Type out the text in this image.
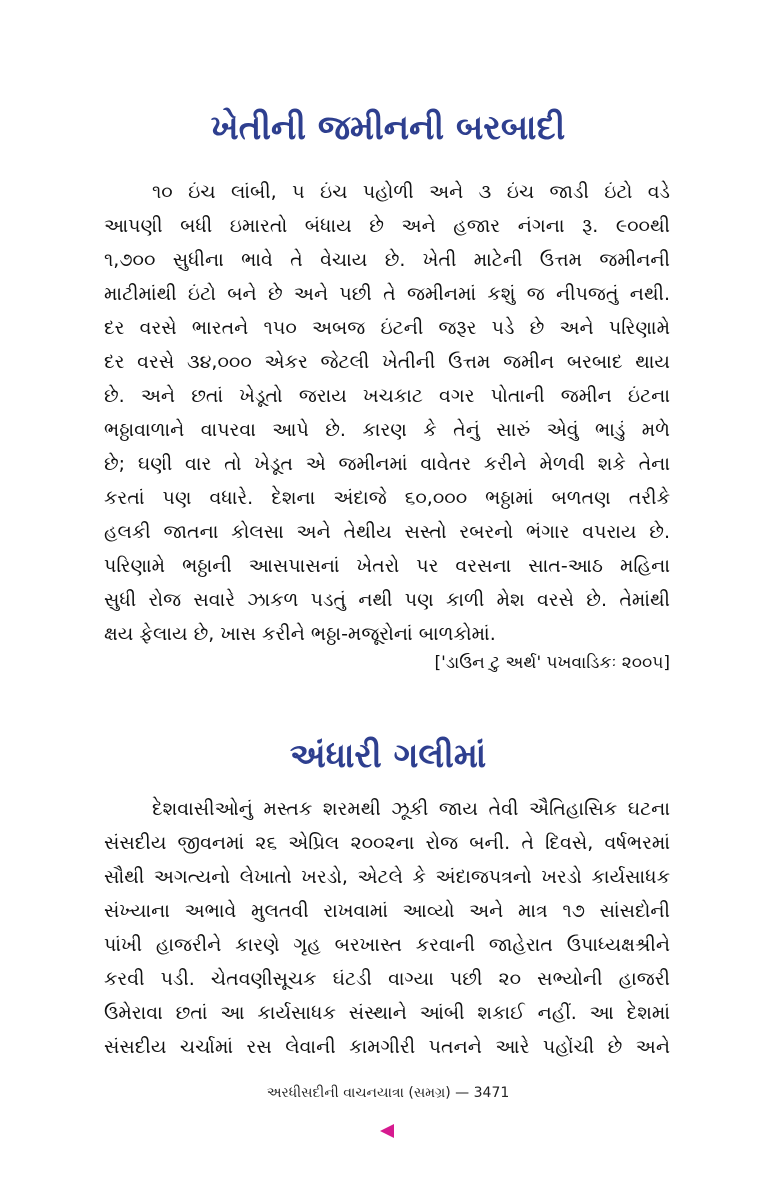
ખેતીની જમીનની બરબાદી
૧૦ ઇંચ લાંબી, ૫ ઇંચ પહોળી અને ૩ ઇંચ જાડી ઇંટો વડે
આપણી બધી ઇમારતો બંધાય છે અને હજાર નંગના રૂ. ૯૦૦થી
૧,૭૦૦ સુધીના ભાવે તે વેચાય છે. ખેતી માટેની ઉત્તમ જમીનની
માટીમાંથી ઇંટો બને છે અને પછી તે જમીનમાં કશું જ નીપજતું નથી.
દર વરસે ભારતને ૧૫૦ અબજ ઇંટની જરૂર પડે છે અને પરિણામે
દર વરસે ૩૪,૦૦૦ એકર જેટલી ખેતીની ઉત્તમ જમીન બરબાદ થાય
છે. અને છતાં ખેડૂતો જરાય ખચકાટ વગર પોતાની જમીન ઇંટના
ભઠ્ઠાવાળાને વાપરવા આપે છે. કારણ કે તેનું સારું એવું ભાડું મળે
છે; ઘણી વાર તો ખેડૂત એ જમીનમાં વાવેતર કરીને મેળવી શકે તેના
કરતાં પણ વધારે. દેશના અંદાજે ૬૦,૦૦૦ ભઠ્ઠામાં બળતણ તરીકે
હલકી જાતના કોલસા અને તેથીય સસ્તો રબરનો ભંગાર વપરાય છે.
પરિણામે ભઠ્ઠાની આસપાસનાં ખેતરો પર વરસના સાત-આઠ મહિના
સુધી રોજ સવારે ઝાકળ પડતું નથી પણ કાળી મેશ વરસે છે. તેમાંથી
ક્ષય ફેલાય છે, ખાસ કરીને ભઠ્ઠા-મજૂરોનાં બાળકોમાં.

['ડાઉન ટુ અર્થ' પખવાડિકઃ ૨૦૦૫]

અંધારી ગલીમાં
દેશવાસીઓનું મસ્તક શરમથી ઝૂકી જાય તેવી ઐતિહાસિક ઘટના
સંસદીય જીવનમાં ૨૬ એપ્રિલ ૨૦૦૨ના રોજ બની. તે દિવસે, વર્ષભરમાં
સૌથી અગત્યનો લેખાતો ખરડો, એટલે કે અંદાજપત્રનો ખરડો કાર્યસાધક
સંખ્યાના અભાવે મુલતવી રાખવામાં આવ્યો અને માત્ર ૧૭ સાંસદોની
પાંખી હાજરીને કારણે ગૃહ બરખાસ્ત કરવાની જાહેરાત ઉપાધ્યક્ષશ્રીને
કરવી પડી. ચેતવણીસૂચક ઘંટડી વાગ્યા પછી ૨૦ સભ્યોની હાજરી
ઉમેરાવા છતાં આ કાર્યસાધક સંસ્થાને આંબી શકાઈ નહીં. આ દેશમાં
સંસદીય ચર્ચામાં રસ લેવાની કામગીરી પતનને આરે પહોંચી છે અને

અરધીસદીની વાચનયાત્રા (સમગ્ર) — 3471
